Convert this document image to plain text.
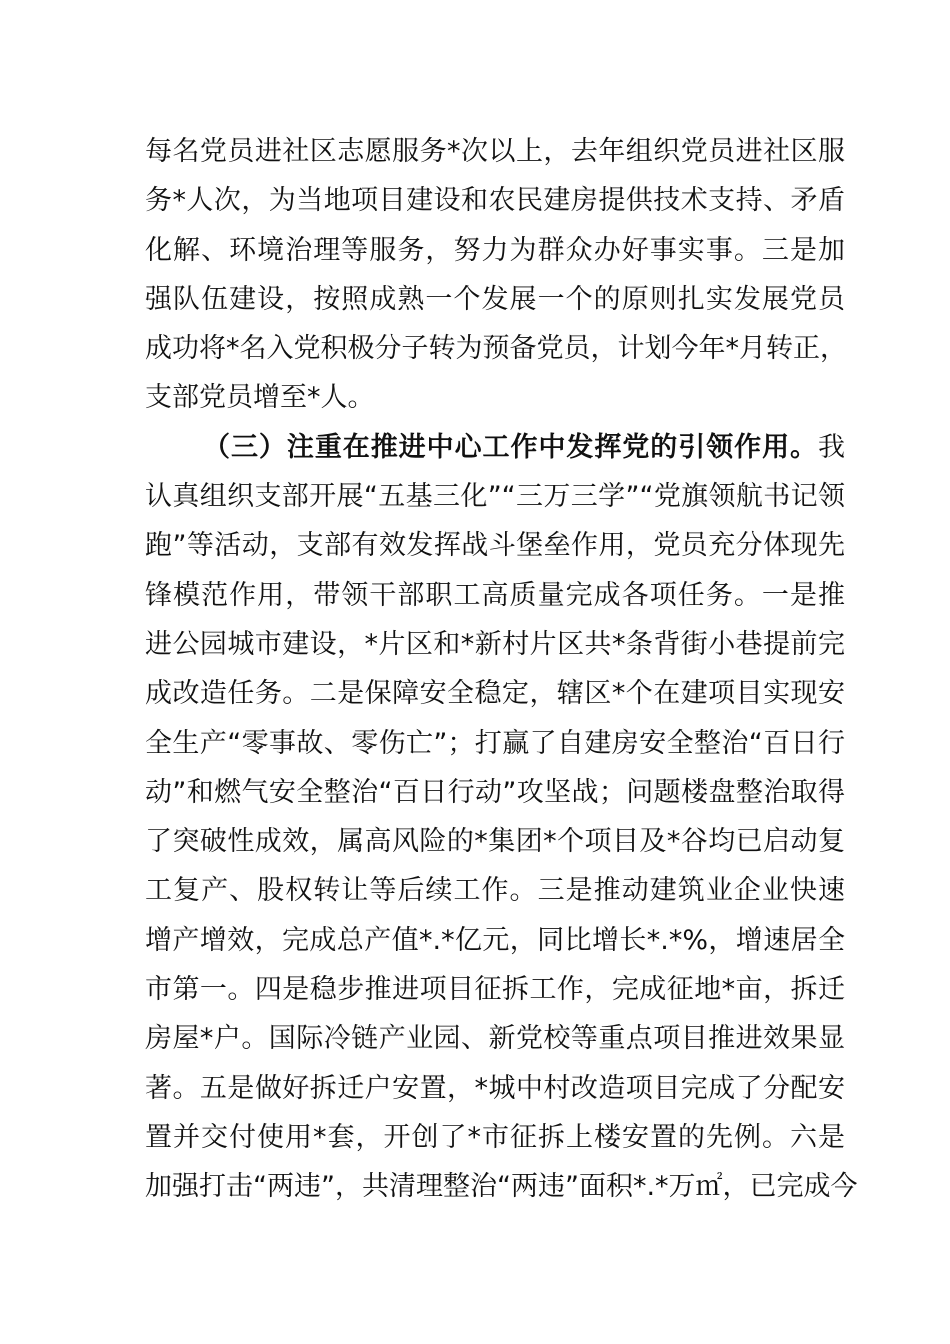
每名党员进社区志愿服务*次以上，去年组织党员进社区服
务*人次，为当地项目建设和农民建房提供技术支持、矛盾
化解、环境治理等服务，努力为群众办好事实事。三是加
强队伍建设，按照成熟一个发展一个的原则扎实发展党员
成功将*名入党积极分子转为预备党员，计划今年*月转正，
支部党员增至*人。
（三）注重在推进中心工作中发挥党的引领作用。我
认真组织支部开展“五基三化”“三万三学”“党旗领航书记领
跑”等活动，支部有效发挥战斗堡垒作用，党员充分体现先
锋模范作用，带领干部职工高质量完成各项任务。一是推
进公园城市建设，*片区和*新村片区共*条背街小巷提前完
成改造任务。二是保障安全稳定，辖区*个在建项目实现安
全生产“零事故、零伤亡”；打赢了自建房安全整治“百日行
动”和燃气安全整治“百日行动”攻坚战；问题楼盘整治取得
了突破性成效，属高风险的*集团*个项目及*谷均已启动复
工复产、股权转让等后续工作。三是推动建筑业企业快速
增产增效，完成总产值*.*亿元，同比增长*.*%，增速居全
市第一。四是稳步推进项目征拆工作，完成征地*亩，拆迁
房屋*户。国际冷链产业园、新党校等重点项目推进效果显
著。五是做好拆迁户安置，*城中村改造项目完成了分配安
置并交付使用*套，开创了*市征拆上楼安置的先例。六是
加强打击“两违”，共清理整治“两违”面积*.*万㎡，已完成今
